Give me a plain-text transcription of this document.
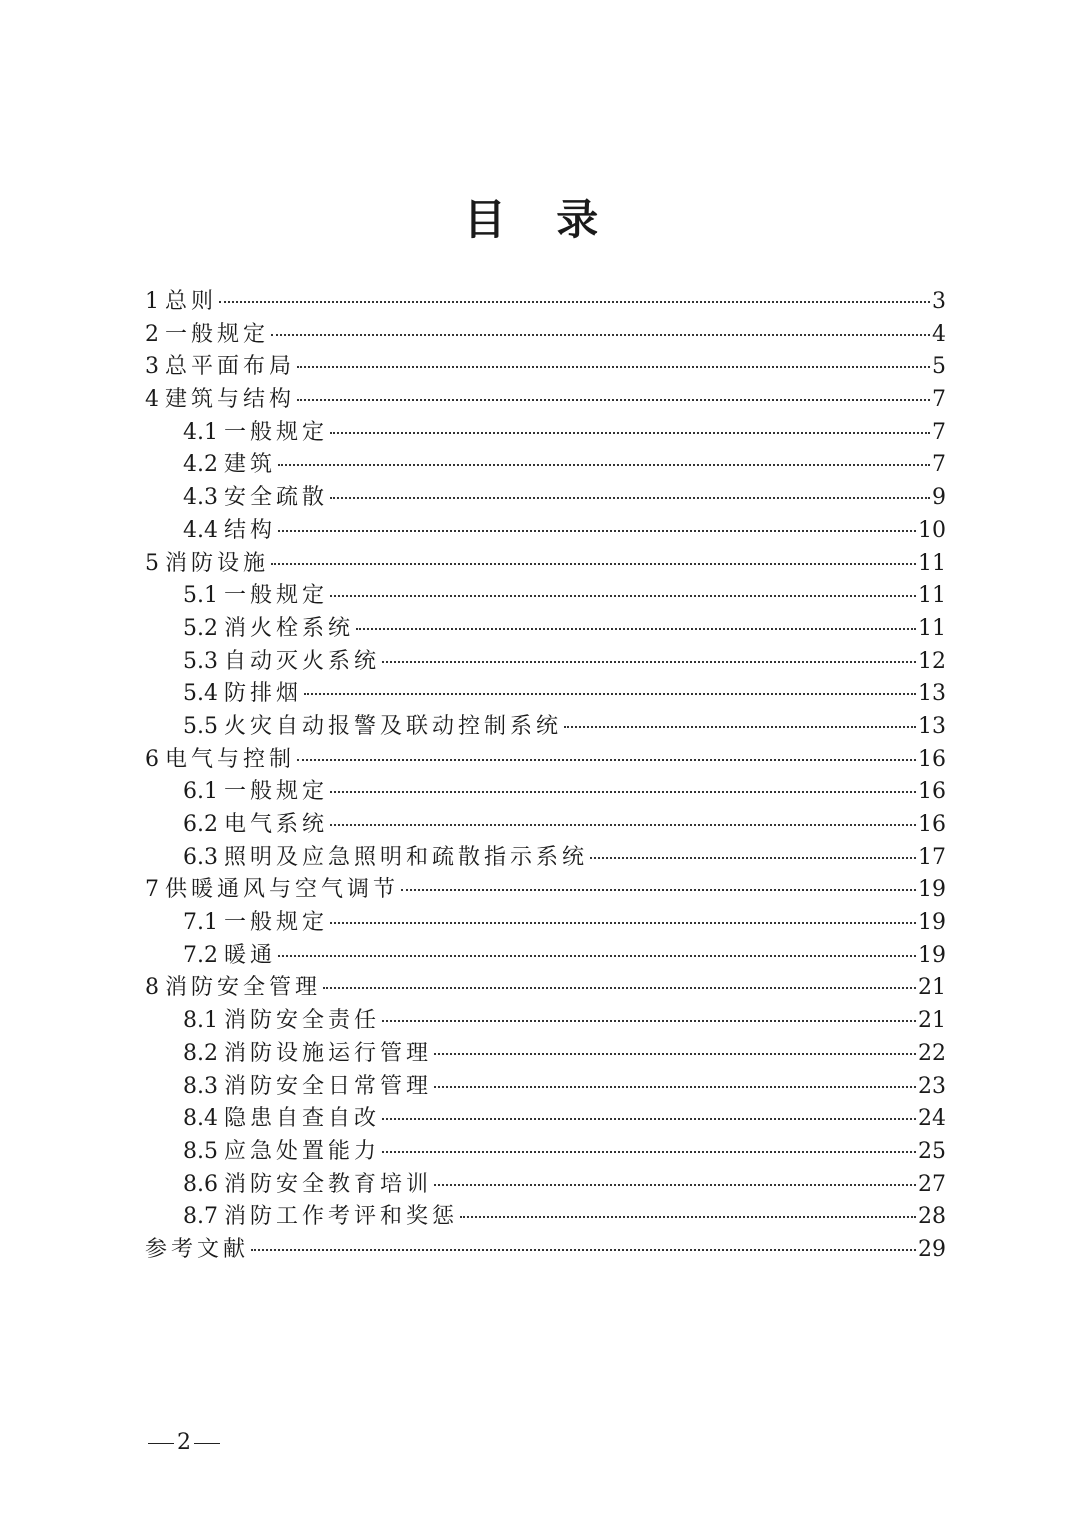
目 录
1 总则	3
2 一般规定	4
3 总平面布局	5
4 建筑与结构	7
4.1 一般规定	7
4.2 建筑	7
4.3 安全疏散	9
4.4 结构	10
5 消防设施	11
5.1 一般规定	11
5.2 消火栓系统	11
5.3 自动灭火系统	12
5.4 防排烟	13
5.5 火灾自动报警及联动控制系统	13
6 电气与控制	16
6.1 一般规定	16
6.2 电气系统	16
6.3 照明及应急照明和疏散指示系统	17
7 供暖通风与空气调节	19
7.1 一般规定	19
7.2 暖通	19
8 消防安全管理	21
8.1 消防安全责任	21
8.2 消防设施运行管理	22
8.3 消防安全日常管理	23
8.4 隐患自查自改	24
8.5 应急处置能力	25
8.6 消防安全教育培训	27
8.7 消防工作考评和奖惩	28
参考文献	29
2
